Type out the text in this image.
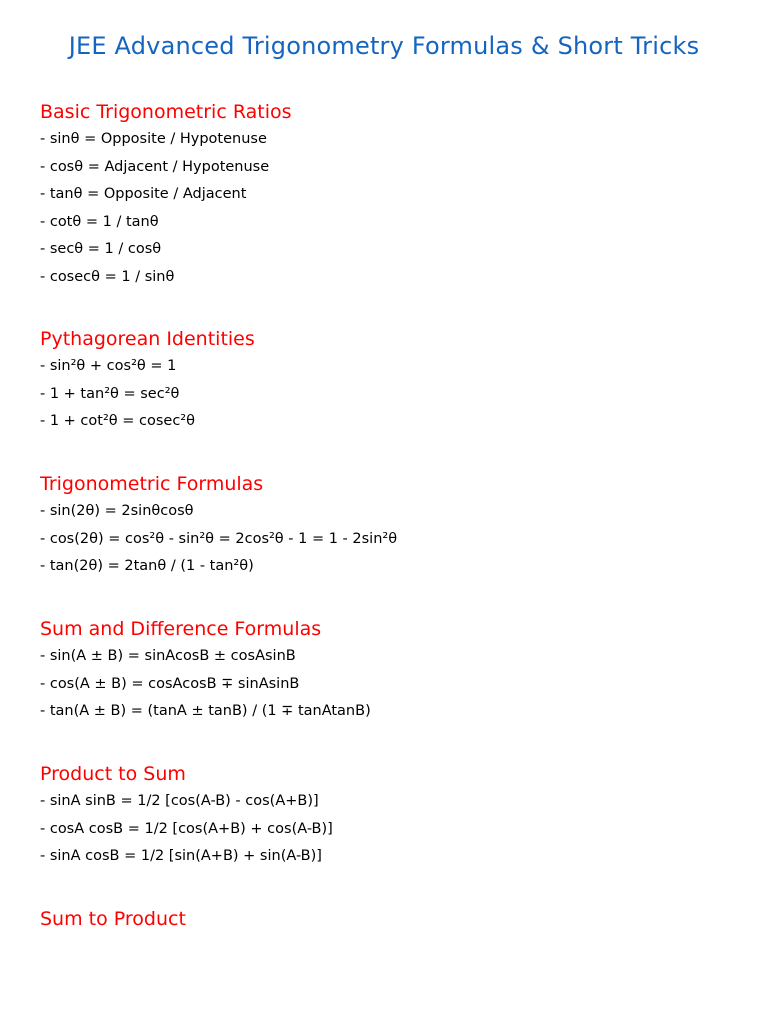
JEE Advanced Trigonometry Formulas & Short Tricks
Basic Trigonometric Ratios

- sinθ = Opposite / Hypotenuse

- cosθ = Adjacent / Hypotenuse

- tanθ = Opposite / Adjacent

- cotθ = 1 / tanθ

- secθ = 1 / cosθ

- cosecθ = 1 / sinθ

Pythagorean Identities

- sin²θ + cos²θ = 1

- 1 + tan²θ = sec²θ

- 1 + cot²θ = cosec²θ

Trigonometric Formulas

- sin(2θ) = 2sinθcosθ

- cos(2θ) = cos²θ - sin²θ = 2cos²θ - 1 = 1 - 2sin²θ

- tan(2θ) = 2tanθ / (1 - tan²θ)

Sum and Difference Formulas

- sin(A ± B) = sinAcosB ± cosAsinB

- cos(A ± B) = cosAcosB ∓ sinAsinB

- tan(A ± B) = (tanA ± tanB) / (1 ∓ tanAtanB)

Product to Sum

- sinA sinB = 1/2 [cos(A-B) - cos(A+B)]

- cosA cosB = 1/2 [cos(A+B) + cos(A-B)]

- sinA cosB = 1/2 [sin(A+B) + sin(A-B)]

Sum to Product
